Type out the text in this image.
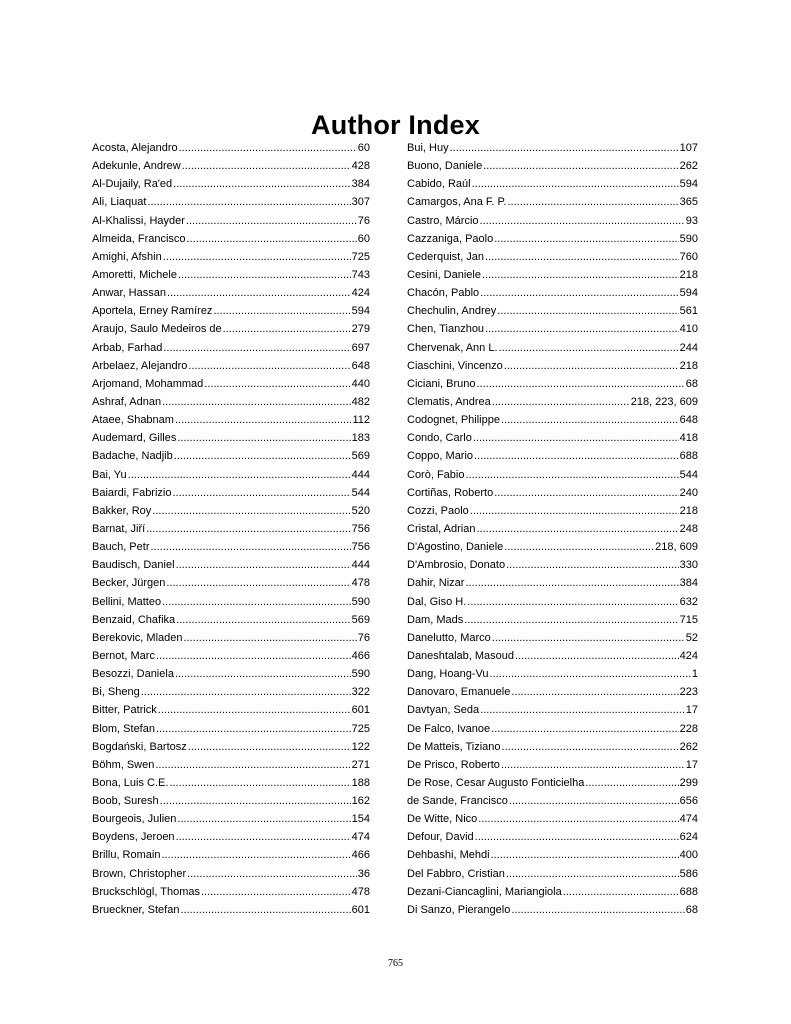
Author Index
Acosta, Alejandro .....	60
Adekunle, Andrew .....	428
Al-Dujaily, Ra'ed .....	384
Ali, Liaquat .....	307
Al-Khalissi, Hayder .....	76
Almeida, Francisco .....	60
Amighi, Afshin .....	725
Amoretti, Michele .....	743
Anwar, Hassan .....	424
Aportela, Erney Ramírez .....	594
Araujo, Saulo Medeiros de .....	279
Arbab, Farhad .....	697
Arbelaez, Alejandro .....	648
Arjomand, Mohammad .....	440
Ashraf, Adnan .....	482
Ataee, Shabnam .....	112
Audemard, Gilles .....	183
Badache, Nadjib .....	569
Bai, Yu .....	444
Baiardi, Fabrizio .....	544
Bakker, Roy .....	520
Barnat, Jiří .....	756
Bauch, Petr .....	756
Baudisch, Daniel .....	444
Becker, Jürgen .....	478
Bellini, Matteo .....	590
Benzaid, Chafika .....	569
Berekovic, Mladen .....	76
Bernot, Marc .....	466
Besozzi, Daniela .....	590
Bi, Sheng .....	322
Bitter, Patrick .....	601
Blom, Stefan .....	725
Bogdański, Bartosz .....	122
Böhm, Swen .....	271
Bona, Luis C.E. .....	188
Boob, Suresh .....	162
Bourgeois, Julien .....	154
Boydens, Jeroen .....	474
Brillu, Romain .....	466
Brown, Christopher .....	36
Bruckschlögl, Thomas .....	478
Brueckner, Stefan .....	601
Bui, Huy .....	107
Buono, Daniele .....	262
Cabido, Raúl .....	594
Camargos, Ana F. P. .....	365
Castro, Márcio .....	93
Cazzaniga, Paolo .....	590
Cederquist, Jan .....	760
Cesini, Daniele .....	218
Chacón, Pablo .....	594
Chechulin, Andrey .....	561
Chen, Tianzhou .....	410
Chervenak, Ann L. .....	244
Ciaschini, Vincenzo .....	218
Ciciani, Bruno .....	68
Clematis, Andrea .....	218, 223, 609
Codognet, Philippe .....	648
Condo, Carlo .....	418
Coppo, Mario .....	688
Corò, Fabio .....	544
Cortiñas, Roberto .....	240
Cozzi, Paolo .....	218
Cristal, Adrian .....	248
D'Agostino, Daniele .....	218, 609
D'Ambrosio, Donato .....	330
Dahir, Nizar .....	384
Dal, Giso H. .....	632
Dam, Mads .....	715
Danelutto, Marco .....	52
Daneshtalab, Masoud .....	424
Dang, Hoang-Vu .....	1
Danovaro, Emanuele .....	223
Davtyan, Seda .....	17
De Falco, Ivanoe .....	228
De Matteis, Tiziano .....	262
De Prisco, Roberto .....	17
De Rose, Cesar Augusto Fonticielha .....	299
de Sande, Francisco .....	656
De Witte, Nico .....	474
Defour, David .....	624
Dehbashi, Mehdi .....	400
Del Fabbro, Cristian .....	586
Dezani-Ciancaglini, Mariangiola .....	688
Di Sanzo, Pierangelo .....	68
765
